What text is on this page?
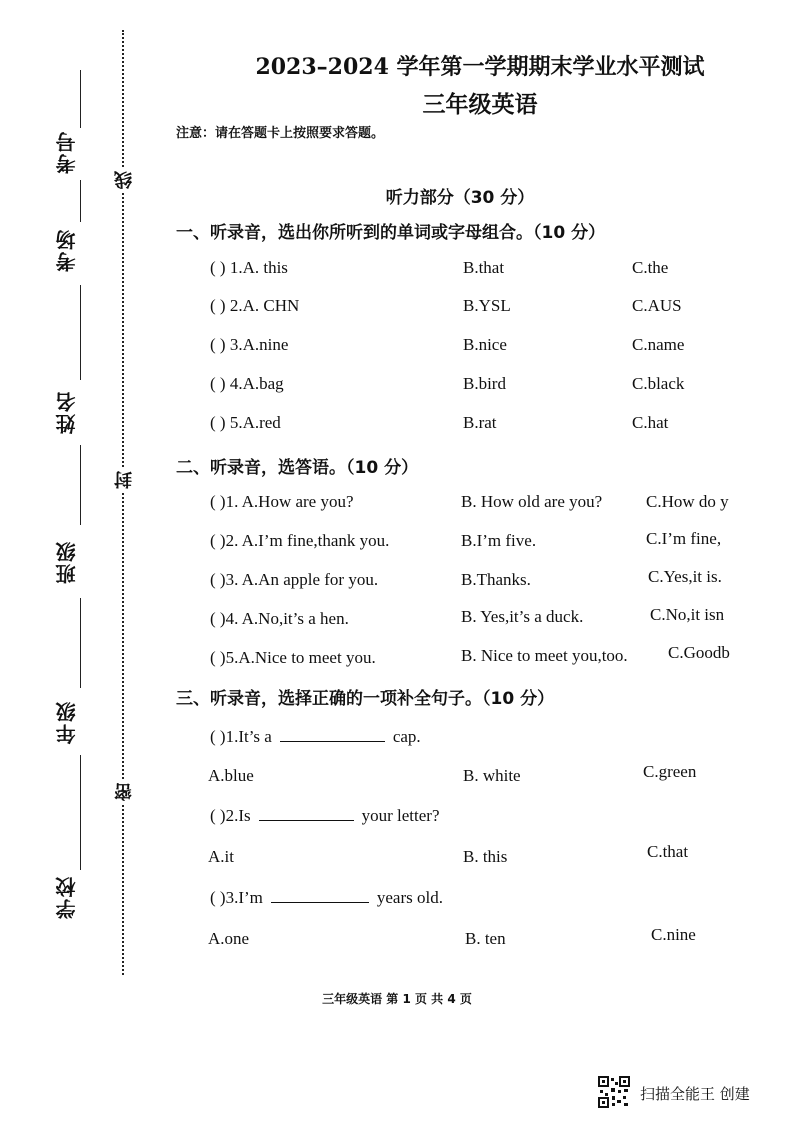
线
封
密
考号
考场
姓名
班级
年级
学校
2023–2024 学年第一学期期末学业水平测试
三年级英语
注意：请在答题卡上按照要求答题。
听力部分（30 分）
一、听录音，选出你所听到的单词或字母组合。（10 分）
( ) 1.A. this	B.that	C.the
( ) 2.A. CHN	B.YSL	C.AUS
( ) 3.A.nine	B.nice	C.name
( ) 4.A.bag	B.bird	C.black
( ) 5.A.red	B.rat	C.hat
二、听录音，选答语。（10 分）
( )1. A.How are you?	B. How old are you?	C.How do y
( )2. A.I’m fine,thank you.	B.I’m five.	C.I’m fine,
( )3. A.An apple for you.	B.Thanks.	C.Yes,it is.
( )4. A.No,it’s a hen.	B. Yes,it’s a duck.	C.No,it isn
( )5.A.Nice to meet you.	B. Nice to meet you,too. C.Goodb
三、听录音，选择正确的一项补全句子。（10 分）
( )1.It’s a	cap.
A.blue	B. white	C.green
( )2.Is	your letter?
A.it	B. this	C.that
( )3.I’m	years old.
A.one	B. ten	C.nine
三年级英语 第 1 页 共 4 页
扫描全能王 创建
